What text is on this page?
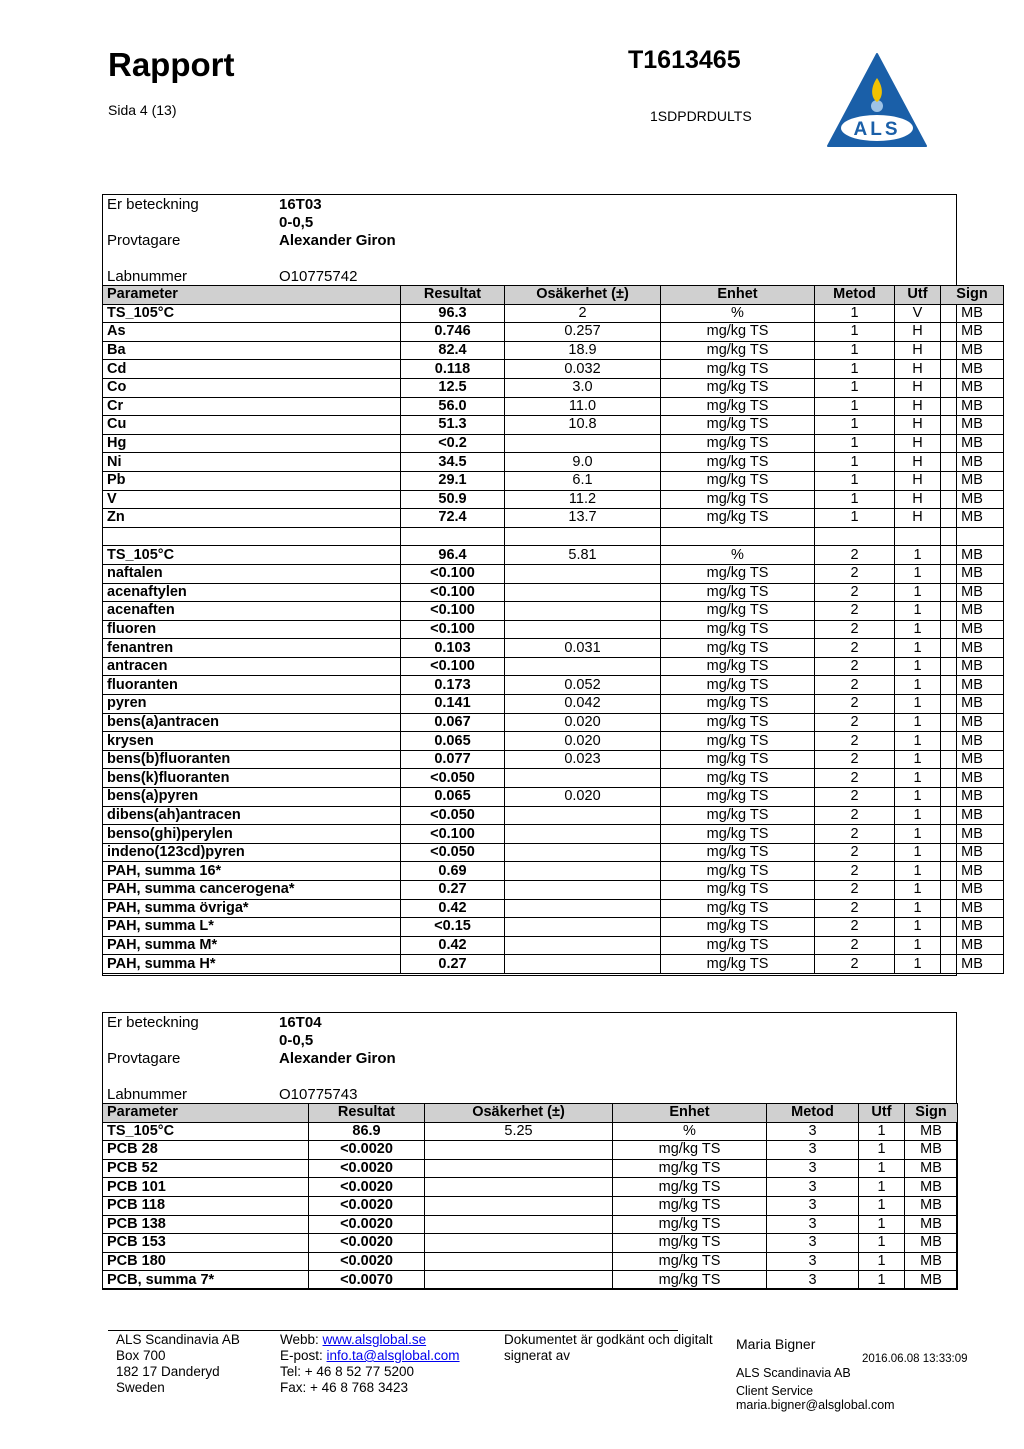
Rapport
Sida 4 (13)
T1613465
1SDPDRDULTS
ALS
Er beteckning	16T03
0-0,5
Provtagare	Alexander Giron
Labnummer	O10775742
Parameter	Resultat	Osäkerhet (±)	Enhet	Metod	Utf	Sign
TS_105°C	96.3	2	%	1	V	MB
As	0.746	0.257	mg/kg TS	1	H	MB
Ba	82.4	18.9	mg/kg TS	1	H	MB
Cd	0.118	0.032	mg/kg TS	1	H	MB
Co	12.5	3.0	mg/kg TS	1	H	MB
Cr	56.0	11.0	mg/kg TS	1	H	MB
Cu	51.3	10.8	mg/kg TS	1	H	MB
Hg	<0.2		mg/kg TS	1	H	MB
Ni	34.5	9.0	mg/kg TS	1	H	MB
Pb	29.1	6.1	mg/kg TS	1	H	MB
V	50.9	11.2	mg/kg TS	1	H	MB
Zn	72.4	13.7	mg/kg TS	1	H	MB

TS_105°C	96.4	5.81	%	2	1	MB
naftalen	<0.100		mg/kg TS	2	1	MB
acenaftylen	<0.100		mg/kg TS	2	1	MB
acenaften	<0.100		mg/kg TS	2	1	MB
fluoren	<0.100		mg/kg TS	2	1	MB
fenantren	0.103	0.031	mg/kg TS	2	1	MB
antracen	<0.100		mg/kg TS	2	1	MB
fluoranten	0.173	0.052	mg/kg TS	2	1	MB
pyren	0.141	0.042	mg/kg TS	2	1	MB
bens(a)antracen	0.067	0.020	mg/kg TS	2	1	MB
krysen	0.065	0.020	mg/kg TS	2	1	MB
bens(b)fluoranten	0.077	0.023	mg/kg TS	2	1	MB
bens(k)fluoranten	<0.050		mg/kg TS	2	1	MB
bens(a)pyren	0.065	0.020	mg/kg TS	2	1	MB
dibens(ah)antracen	<0.050		mg/kg TS	2	1	MB
benso(ghi)perylen	<0.100		mg/kg TS	2	1	MB
indeno(123cd)pyren	<0.050		mg/kg TS	2	1	MB
PAH, summa 16*	0.69		mg/kg TS	2	1	MB
PAH, summa cancerogena*	0.27		mg/kg TS	2	1	MB
PAH, summa övriga*	0.42		mg/kg TS	2	1	MB
PAH, summa L*	<0.15		mg/kg TS	2	1	MB
PAH, summa M*	0.42		mg/kg TS	2	1	MB
PAH, summa H*	0.27		mg/kg TS	2	1	MB
Er beteckning	16T04
0-0,5
Provtagare	Alexander Giron
Labnummer	O10775743
Parameter	Resultat	Osäkerhet (±)	Enhet	Metod	Utf	Sign
TS_105°C	86.9	5.25	%	3	1	MB
PCB 28	<0.0020		mg/kg TS	3	1	MB
PCB 52	<0.0020		mg/kg TS	3	1	MB
PCB 101	<0.0020		mg/kg TS	3	1	MB
PCB 118	<0.0020		mg/kg TS	3	1	MB
PCB 138	<0.0020		mg/kg TS	3	1	MB
PCB 153	<0.0020		mg/kg TS	3	1	MB
PCB 180	<0.0020		mg/kg TS	3	1	MB
PCB, summa 7*	<0.0070		mg/kg TS	3	1	MB
ALS Scandinavia AB
Box 700
182 17 Danderyd
Sweden
Webb: www.alsglobal.se
E-post: info.ta@alsglobal.com
Tel: + 46 8 52 77 5200
Fax: + 46 8 768 3423
Dokumentet är godkänt och digitalt
signerat av
Maria Bigner
2016.06.08 13:33:09
ALS Scandinavia AB
Client Service
maria.bigner@alsglobal.com
